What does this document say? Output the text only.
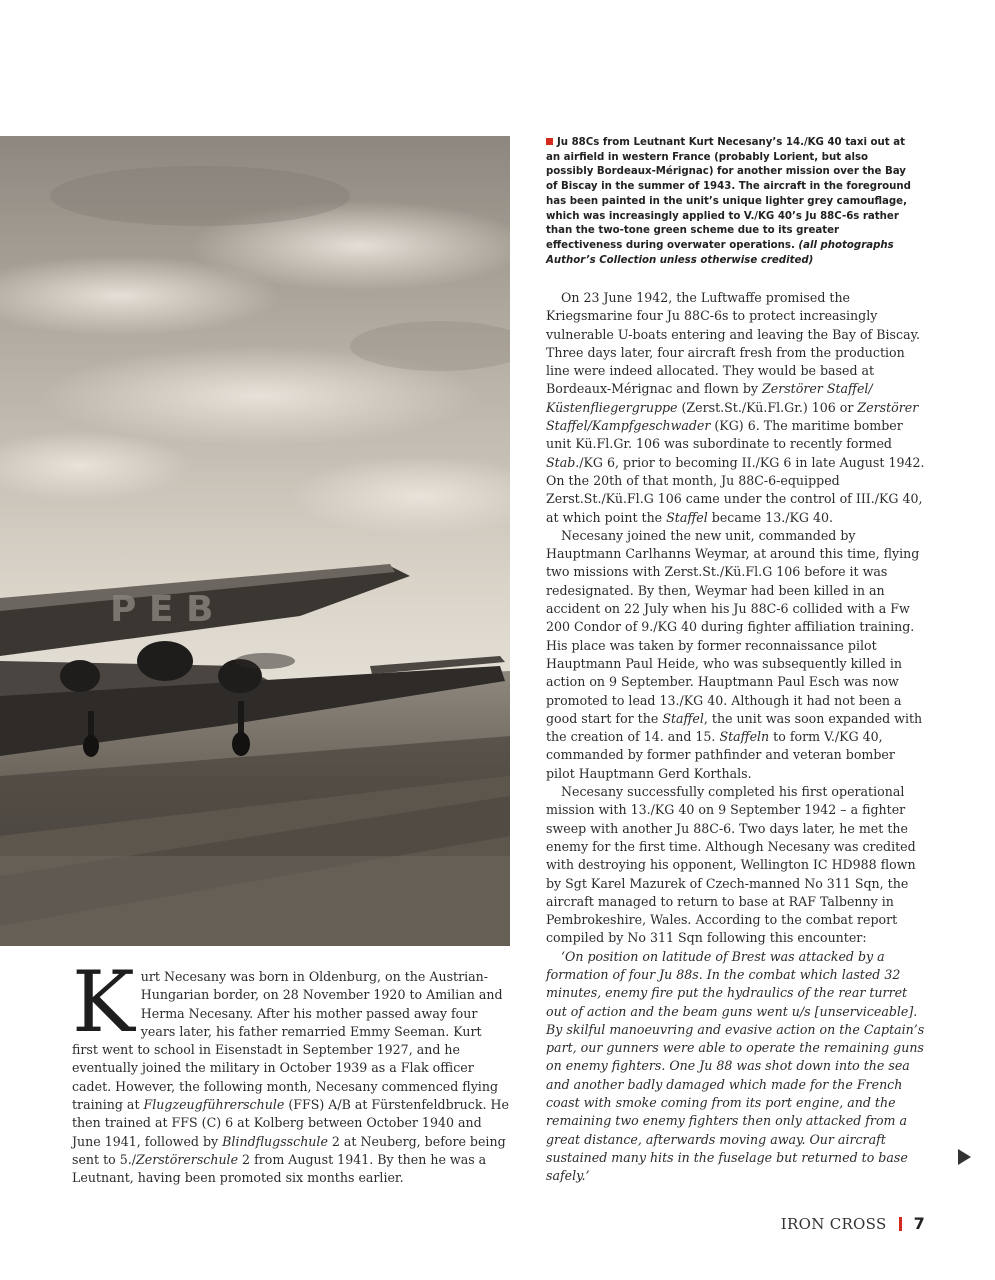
P E B
Ju 88Cs from Leutnant Kurt Necesany’s 14./KG 40 taxi out at an airfield in western France (probably Lorient, but also possibly Bordeaux-Mérignac) for another mission over the Bay of Biscay in the summer of 1943. The aircraft in the foreground has been painted in the unit’s unique lighter grey camouflage, which was increasingly applied to V./KG 40’s Ju 88C-6s rather than the two-tone green scheme due to its greater effectiveness during overwater operations. (all photographs Author’s Collection unless otherwise credited)

On 23 June 1942, the Luftwaffe promised the Kriegsmarine four Ju 88C-6s to protect increasingly vulnerable U-boats entering and leaving the Bay of Biscay. Three days later, four aircraft fresh from the production line were indeed allocated. They would be based at Bordeaux-Mérignac and flown by Zerstörer Staffel/ Küstenfliegergruppe (Zerst.St./Kü.Fl.Gr.) 106 or Zerstörer Staffel/Kampfgeschwader (KG) 6. The maritime bomber unit Kü.Fl.Gr. 106 was subordinate to recently formed Stab./KG 6, prior to becoming II./KG 6 in late August 1942. On the 20th of that month, Ju 88C-6-equipped Zerst.St./Kü.Fl.G 106 came under the control of III./KG 40, at which point the Staffel became 13./KG 40.

Necesany joined the new unit, commanded by Hauptmann Carlhanns Weymar, at around this time, flying two missions with Zerst.St./Kü.Fl.G 106 before it was redesignated. By then, Weymar had been killed in an accident on 22 July when his Ju 88C-6 collided with a Fw 200 Condor of 9./KG 40 during fighter affiliation training. His place was taken by former reconnaissance pilot Hauptmann Paul Heide, who was subsequently killed in action on 9 September. Hauptmann Paul Esch was now promoted to lead 13./KG 40. Although it had not been a good start for the Staffel, the unit was soon expanded with the creation of 14. and 15. Staffeln to form V./KG 40, commanded by former pathfinder and veteran bomber pilot Hauptmann Gerd Korthals.

Necesany successfully completed his first operational mission with 13./KG 40 on 9 September 1942 – a fighter sweep with another Ju 88C-6. Two days later, he met the enemy for the first time. Although Necesany was credited with destroying his opponent, Wellington IC HD988 flown by Sgt Karel Mazurek of Czech-manned No 311 Sqn, the aircraft managed to return to base at RAF Talbenny in Pembrokeshire, Wales. According to the combat report compiled by No 311 Sqn following this encounter:

‘On position on latitude of Brest was attacked by a formation of four Ju 88s. In the combat which lasted 32 minutes, enemy fire put the hydraulics of the rear turret out of action and the beam guns went u/s [unserviceable]. By skilful manoeuvring and evasive action on the Captain’s part, our gunners were able to operate the remaining guns on enemy fighters. One Ju 88 was shot down into the sea and another badly damaged which made for the French coast with smoke coming from its port engine, and the remaining two enemy fighters then only attacked from a great distance, afterwards moving away. Our aircraft sustained many hits in the fuselage but returned to base safely.’

Kurt Necesany was born in Oldenburg, on the Austrian-Hungarian border, on 28 November 1920 to Amilian and Herma Necesany. After his mother passed away four years later, his father remarried Emmy Seeman. Kurt first went to school in Eisenstadt in September 1927, and he eventually joined the military in October 1939 as a Flak officer cadet. However, the following month, Necesany commenced flying training at Flugzeugführerschule (FFS) A/B at Fürstenfeldbruck. He then trained at FFS (C) 6 at Kolberg between October 1940 and June 1941, followed by Blindflugsschule 2 at Neuberg, before being sent to 5./Zerstörerschule 2 from August 1941. By then he was a Leutnant, having been promoted six months earlier.

IRON CROSS 7
